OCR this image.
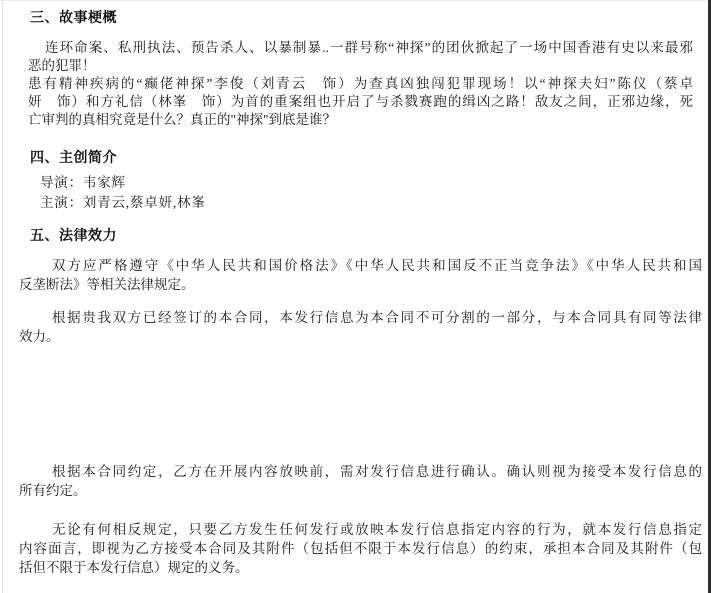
三、故事梗概
连环命案、私刑执法、预告杀人、以暴制暴..一群号称“神探”的团伙掀起了一场中国香港有史以来最邪
恶的犯罪！
患有精神疾病的“癫佬神探”李俊（刘青云　饰）为查真凶独闯犯罪现场！以“神探夫妇”陈仪（蔡卓
妍　饰）和方礼信（林峯　饰）为首的重案组也开启了与杀戮赛跑的缉凶之路！敌友之间，正邪边缘，死
亡审判的真相究竟是什么？真正的"神探"到底是谁？
四、主创简介
导演：韦家辉
主演：刘青云,蔡卓妍,林峯
五、法律效力
双方应严格遵守《中华人民共和国价格法》《中华人民共和国反不正当竞争法》《中华人民共和国
反垄断法》等相关法律规定。
根据贵我双方已经签订的本合同，本发行信息为本合同不可分割的一部分，与本合同具有同等法律
效力。
根据本合同约定，乙方在开展内容放映前，需对发行信息进行确认。确认则视为接受本发行信息的
所有约定。
无论有何相反规定，只要乙方发生任何发行或放映本发行信息指定内容的行为，就本发行信息指定
内容面言，即视为乙方接受本合同及其附件（包括但不限于本发行信息）的约束，承担本合同及其附件（包
括但不限于本发行信息）规定的义务。
